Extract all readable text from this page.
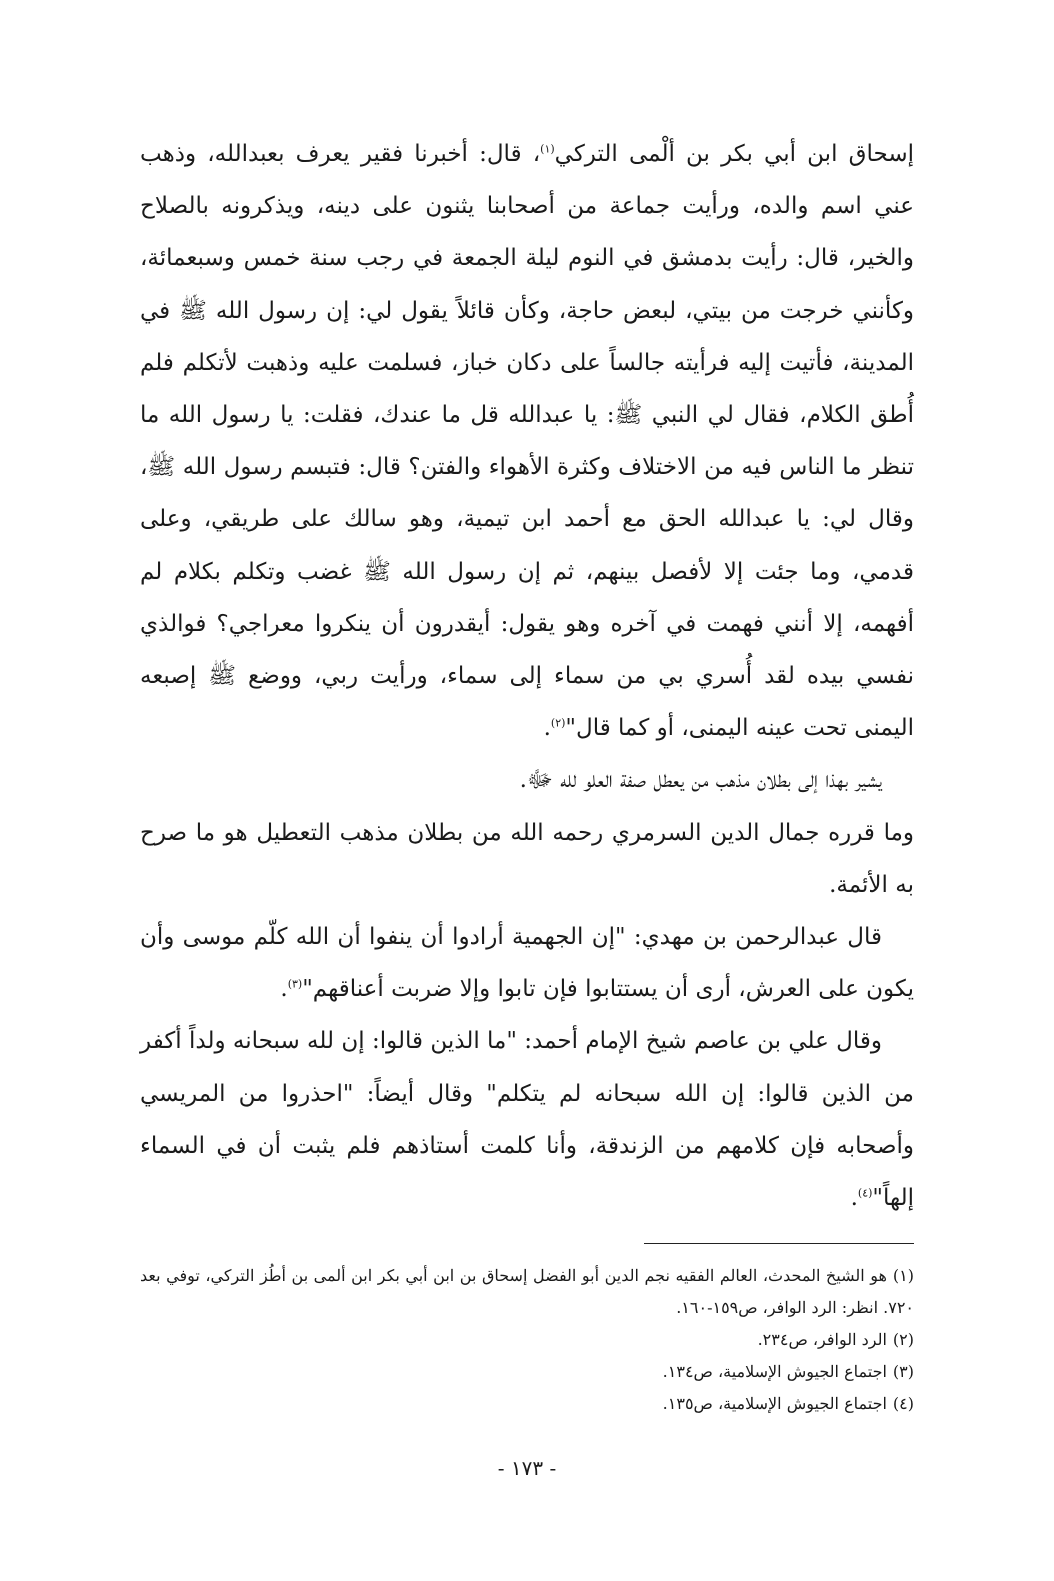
إسحاق ابن أبي بكر بن ألْمى التركي$^{(١)}$، قال: أخبرنا فقير يعرف بعبدالله، وذهب عني اسم والده، ورأيت جماعة من أصحابنا يثنون على دينه، ويذكرونه بالصلاح والخير، قال: رأيت بدمشق في النوم ليلة الجمعة في رجب سنة خمس وسبعمائة، وكأنني خرجت من بيتي، لبعض حاجة، وكأن قائلاً يقول لي: إن رسول الله ﷺ في المدينة، فأتيت إليه فرأيته جالساً على دكان خباز، فسلمت عليه وذهبت لأتكلم فلم أُطق الكلام، فقال لي النبي ﷺ: يا عبدالله قل ما عندك، فقلت: يا رسول الله ما تنظر ما الناس فيه من الاختلاف وكثرة الأهواء والفتن؟ قال: فتبسم رسول الله ﷺ، وقال لي: يا عبدالله الحق مع أحمد ابن تيمية، وهو سالك على طريقي، وعلى قدمي، وما جئت إلا لأفصل بينهم، ثم إن رسول الله ﷺ غضب وتكلم بكلام لم أفهمه، إلا أنني فهمت في آخره وهو يقول: أيقدرون أن ينكروا معراجي؟ فوالذي نفسي بيده لقد أُسري بي من سماء إلى سماء، ورأيت ربي، ووضع ﷺ إصبعه اليمنى تحت عينه اليمنى، أو كما قال"$^{(٢)}$.

يشير بهذا إلى بطلان مذهب من يعطل صفة العلو لله ﷻ.

وما قرره جمال الدين السرمري رحمه الله من بطلان مذهب التعطيل هو ما صرح به الأئمة.

قال عبدالرحمن بن مهدي: "إن الجهمية أرادوا أن ينفوا أن الله كلّم موسى وأن يكون على العرش، أرى أن يستتابوا فإن تابوا وإلا ضربت أعناقهم"$^{(٣)}$.

وقال علي بن عاصم شيخ الإمام أحمد: "ما الذين قالوا: إن لله سبحانه ولداً أكفر من الذين قالوا: إن الله سبحانه لم يتكلم" وقال أيضاً: "احذروا من المريسي وأصحابه فإن كلامهم من الزندقة، وأنا كلمت أستاذهم فلم يثبت أن في السماء إلهاً"$^{(٤)}$.

(١)هو الشيخ المحدث، العالم الفقيه نجم الدين أبو الفضل إسحاق بن ابن أبي بكر ابن ألمى بن أطُز التركي، توفي بعد ٧٢٠. انظر: الرد الوافر، ص١٥٩-١٦٠.

(٢)الرد الوافر، ص٢٣٤.

(٣)اجتماع الجيوش الإسلامية، ص١٣٤.

(٤)اجتماع الجيوش الإسلامية، ص١٣٥.

- ١٧٣ -
